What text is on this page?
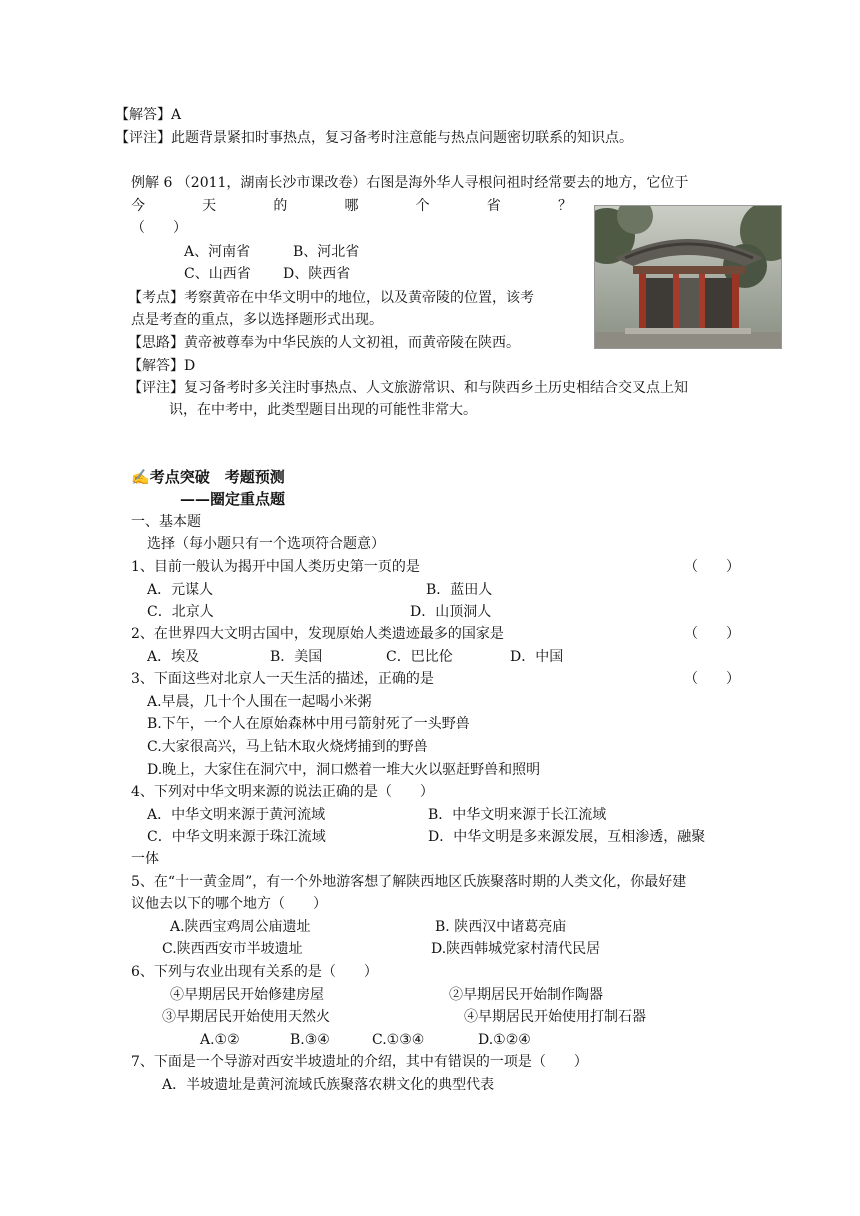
【解答】A
【评注】此题背景紧扣时事热点，复习备考时注意能与热点问题密切联系的知识点。
例解 6 （2011，湖南长沙市课改卷）右图是海外华人寻根问祖时经常要去的地方，它位于
今	天	的	哪	个	省	？
（　　）
A、河南省	B、河北省
C、山西省 D、陕西省
【考点】考察黄帝在中华文明中的地位，以及黄帝陵的位置，该考
点是考查的重点，多以选择题形式出现。
【思路】黄帝被尊奉为中华民族的人文初祖，而黄帝陵在陕西。
【解答】D
【评注】复习备考时多关注时事热点、人文旅游常识、和与陕西乡土历史相结合交叉点上知
识，在中考中，此类型题目出现的可能性非常大。
✍考点突破　考题预测
——圈定重点题
一、基本题
选择（每小题只有一个选项符合题意）
1、目前一般认为揭开中国人类历史第一页的是	（　　）
A．元谋人	B．蓝田人
C．北京人	D．山顶洞人
2、在世界四大文明古国中，发现原始人类遗迹最多的国家是	（　　）
A．埃及	B．美国	C．巴比伦	D．中国
3、下面这些对北京人一天生活的描述，正确的是	（　　）
A.早晨，几十个人围在一起喝小米粥
B.下午，一个人在原始森林中用弓箭射死了一头野兽
C.大家很高兴，马上钻木取火烧烤捕到的野兽
D.晚上，大家住在洞穴中，洞口燃着一堆大火以驱赶野兽和照明
4、下列对中华文明来源的说法正确的是（　　）
A．中华文明来源于黄河流域	B．中华文明来源于长江流域
C．中华文明来源于珠江流域	D．中华文明是多来源发展，互相渗透，融聚
一体
5、在“十一黄金周”，有一个外地游客想了解陕西地区氏族聚落时期的人类文化，你最好建
议他去以下的哪个地方（　　）
A.陕西宝鸡周公庙遗址	B. 陕西汉中诸葛亮庙
C.陕西西安市半坡遗址	D.陕西韩城党家村清代民居
6、下列与农业出现有关系的是（　　）
④早期居民开始修建房屋	②早期居民开始制作陶器
③早期居民开始使用天然火	④早期居民开始使用打制石器
A.①②	B.③④	C.①③④	D.①②④
7、下面是一个导游对西安半坡遗址的介绍，其中有错误的一项是（　　）
A．半坡遗址是黄河流域氏族聚落农耕文化的典型代表
